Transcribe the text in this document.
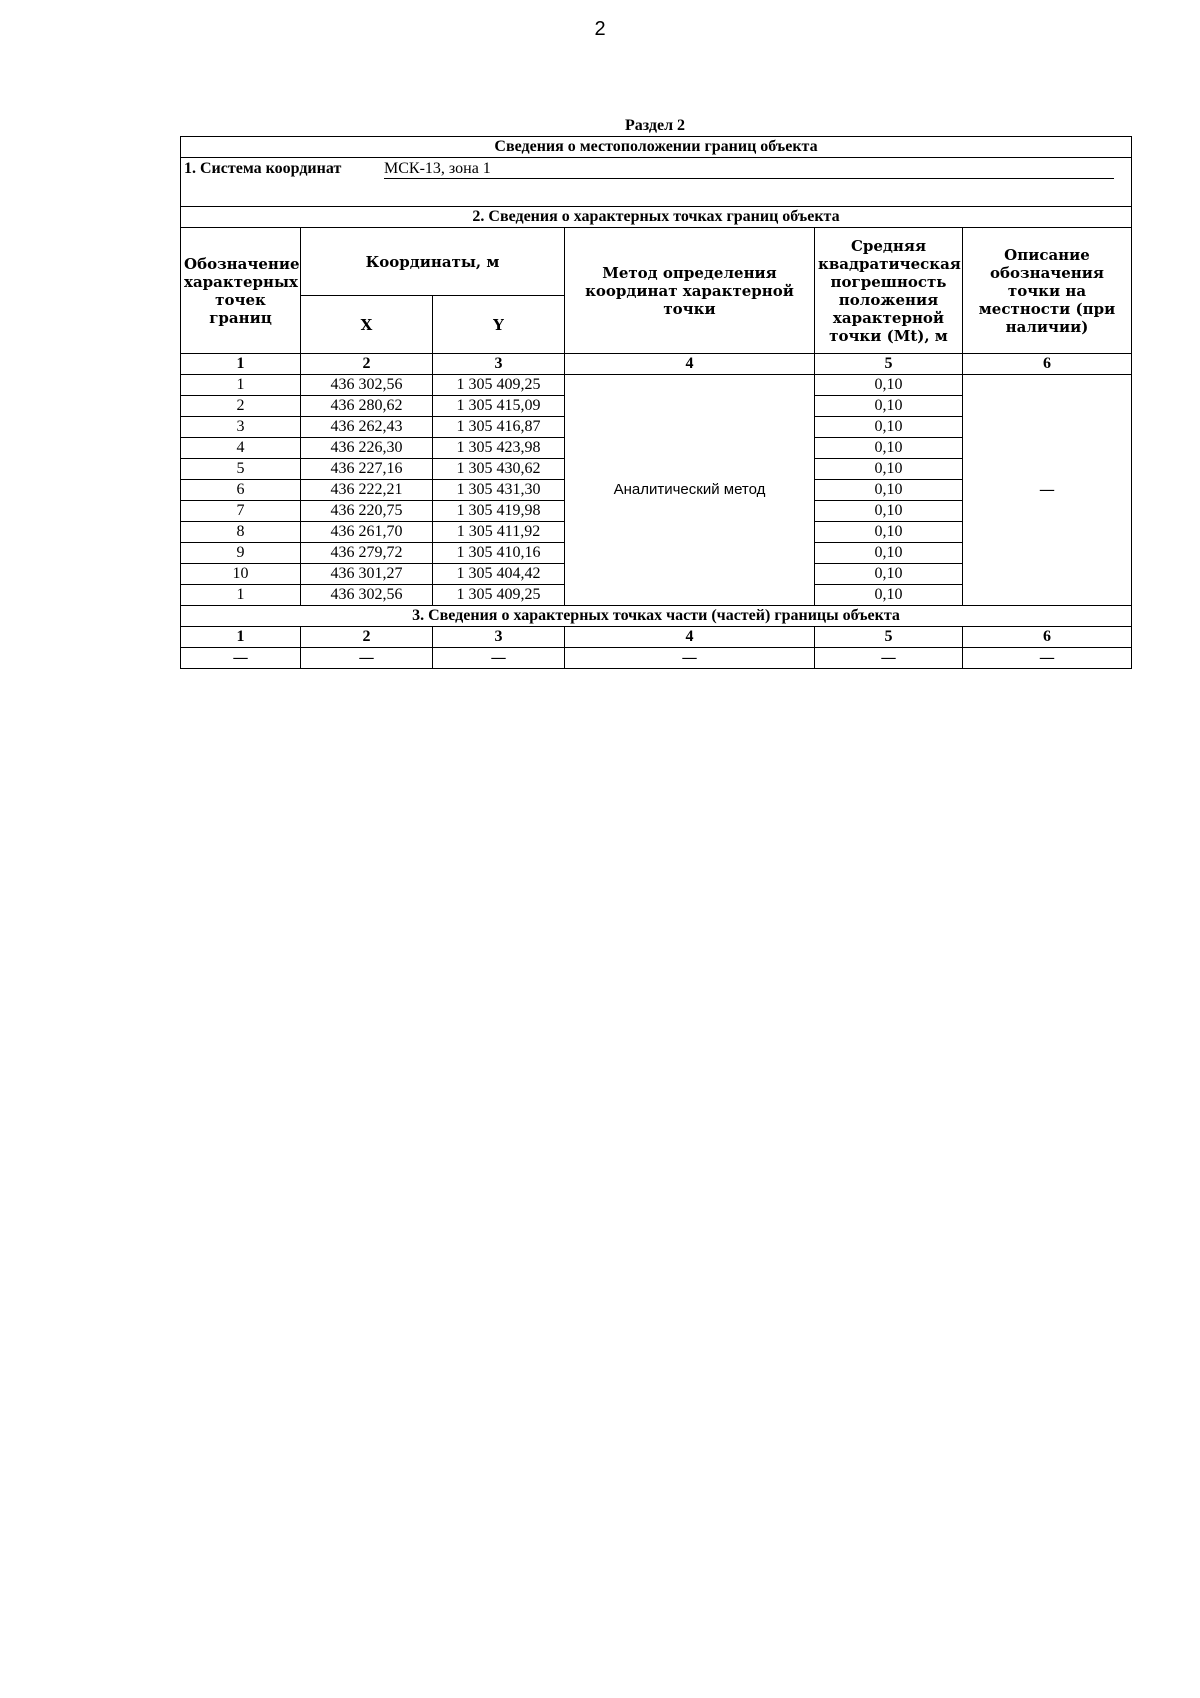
2
Раздел 2
Сведения о местоположении границ объекта					
1. Система координат МСК-13, зона 1					
2. Сведения о характерных точках границ объекта					
Обозначение характерных точек границ	Координаты, м		Метод определения координат характерной точки	Средняя квадратическая погрешность положения характерной точки (Mt), м	Описание обозначения точки на местности (при наличии)
	X	Y			
1	2	3	4	5	6
1	436 302,56	1 305 409,25	Аналитический метод	0,10	—
2	436 280,62	1 305 415,09		0,10	
3	436 262,43	1 305 416,87		0,10	
4	436 226,30	1 305 423,98		0,10	
5	436 227,16	1 305 430,62		0,10	
6	436 222,21	1 305 431,30		0,10	
7	436 220,75	1 305 419,98		0,10	
8	436 261,70	1 305 411,92		0,10	
9	436 279,72	1 305 410,16		0,10	
10	436 301,27	1 305 404,42		0,10	
1	436 302,56	1 305 409,25		0,10	
3. Сведения о характерных точках части (частей) границы объекта					
1	2	3	4	5	6
—	—	—	—	—	—
